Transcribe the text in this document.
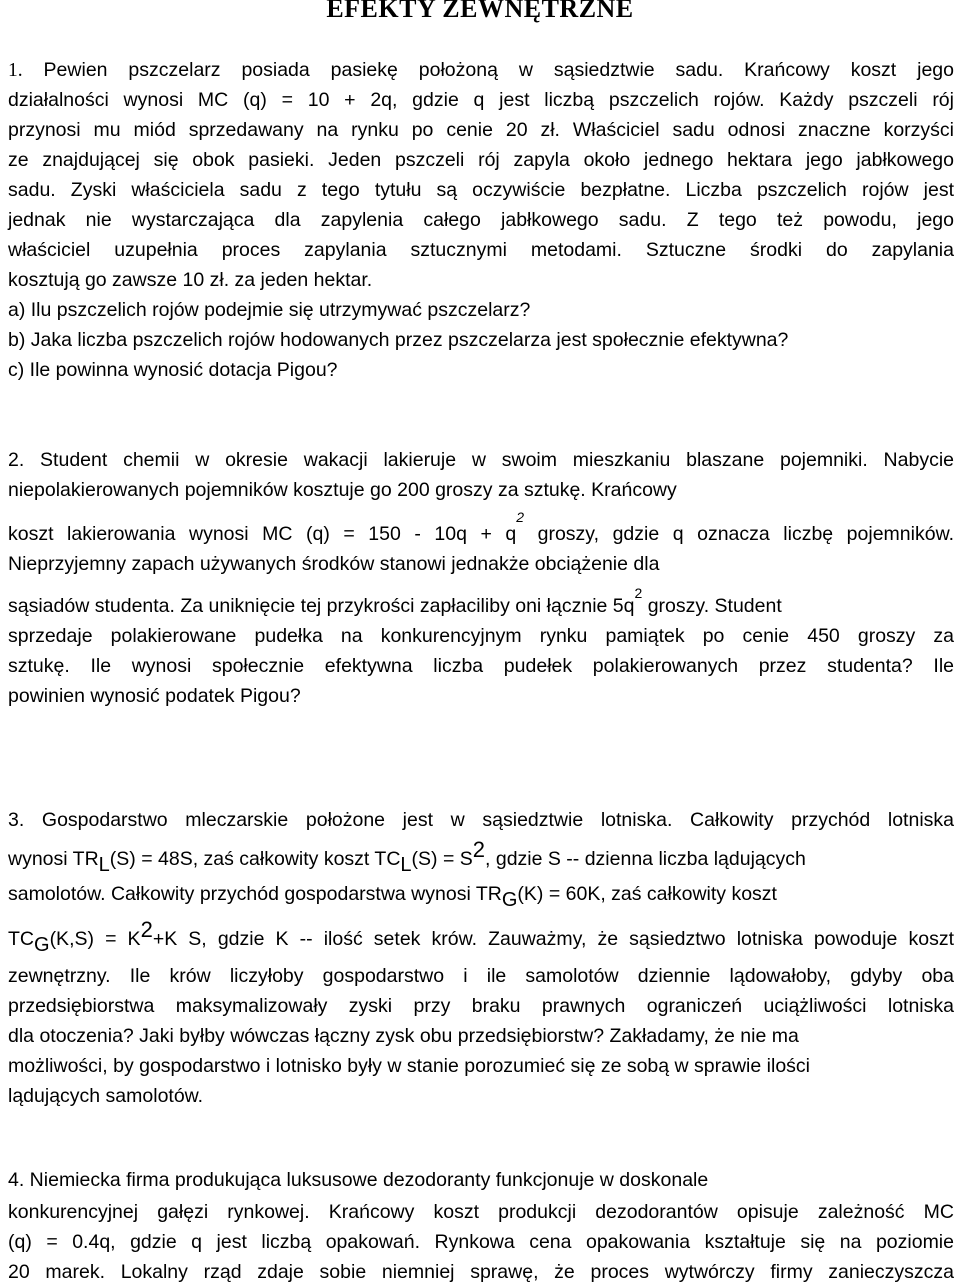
EFEKTY ZEWNĘTRZNE
1. Pewien pszczelarz posiada pasiekę położoną w sąsiedztwie sadu. Krańcowy koszt jego
działalności wynosi MC (q) = 10 + 2q, gdzie q jest liczbą pszczelich rojów. Każdy pszczeli rój
przynosi mu miód sprzedawany na rynku po cenie 20 zł. Właściciel sadu odnosi znaczne korzyści
ze znajdującej się obok pasieki. Jeden pszczeli rój zapyla około jednego hektara jego jabłkowego
sadu. Zyski właściciela sadu z tego tytułu są oczywiście bezpłatne. Liczba pszczelich rojów jest
jednak nie wystarczająca dla zapylenia całego jabłkowego sadu. Z tego też powodu, jego
właściciel uzupełnia proces zapylania sztucznymi metodami. Sztuczne środki do zapylania
kosztują go zawsze 10 zł. za jeden hektar.
a) Ilu pszczelich rojów podejmie się utrzymywać pszczelarz?
b) Jaka liczba pszczelich rojów hodowanych przez pszczelarza jest społecznie efektywna?
c) Ile powinna wynosić dotacja Pigou?
2. Student chemii w okresie wakacji lakieruje w swoim mieszkaniu blaszane pojemniki. Nabycie
niepolakierowanych pojemników kosztuje go 200 groszy za sztukę. Krańcowy
koszt lakierowania wynosi MC $(q) = 150 - 10q + q^2$ groszy, gdzie q oznacza liczbę pojemników.
Nieprzyjemny zapach używanych środków stanowi jednakże obciążenie dla
sąsiadów studenta. Za uniknięcie tej przykrości zapłaciliby oni łącznie $5q^2$ groszy. Student
sprzedaje polakierowane pudełka na konkurencyjnym rynku pamiątek po cenie 450 groszy za
sztukę. Ile wynosi społecznie efektywna liczba pudełek polakierowanych przez studenta? Ile
powinien wynosić podatek Pigou?
3. Gospodarstwo mleczarskie położone jest w sąsiedztwie lotniska. Całkowity przychód lotniska
wynosi TRL(S) = 48S, zaś całkowity koszt TCL(S) = S2, gdzie S -- dzienna liczba lądujących
samolotów. Całkowity przychód gospodarstwa wynosi TRG(K) = 60K, zaś całkowity koszt
TCG(K,S) = K2+K S, gdzie K -- ilość setek krów. Zauważmy, że sąsiedztwo lotniska powoduje koszt
zewnętrzny. Ile krów liczyłoby gospodarstwo i ile samolotów dziennie lądowałoby, gdyby oba
przedsiębiorstwa maksymalizowały zyski przy braku prawnych ograniczeń uciążliwości lotniska
dla otoczenia? Jaki byłby wówczas łączny zysk obu przedsiębiorstw? Zakładamy, że nie ma
możliwości, by gospodarstwo i lotnisko były w stanie porozumieć się ze sobą w sprawie ilości
lądujących samolotów.
4. Niemiecka firma produkująca luksusowe dezodoranty funkcjonuje w doskonale
konkurencyjnej gałęzi rynkowej. Krańcowy koszt produkcji dezodorantów opisuje zależność MC
(q) = 0.4q, gdzie q jest liczbą opakowań. Rynkowa cena opakowania kształtuje się na poziomie
20 marek. Lokalny rząd zdaje sobie niemniej sprawę, że proces wytwórczy firmy zanieczyszcza
